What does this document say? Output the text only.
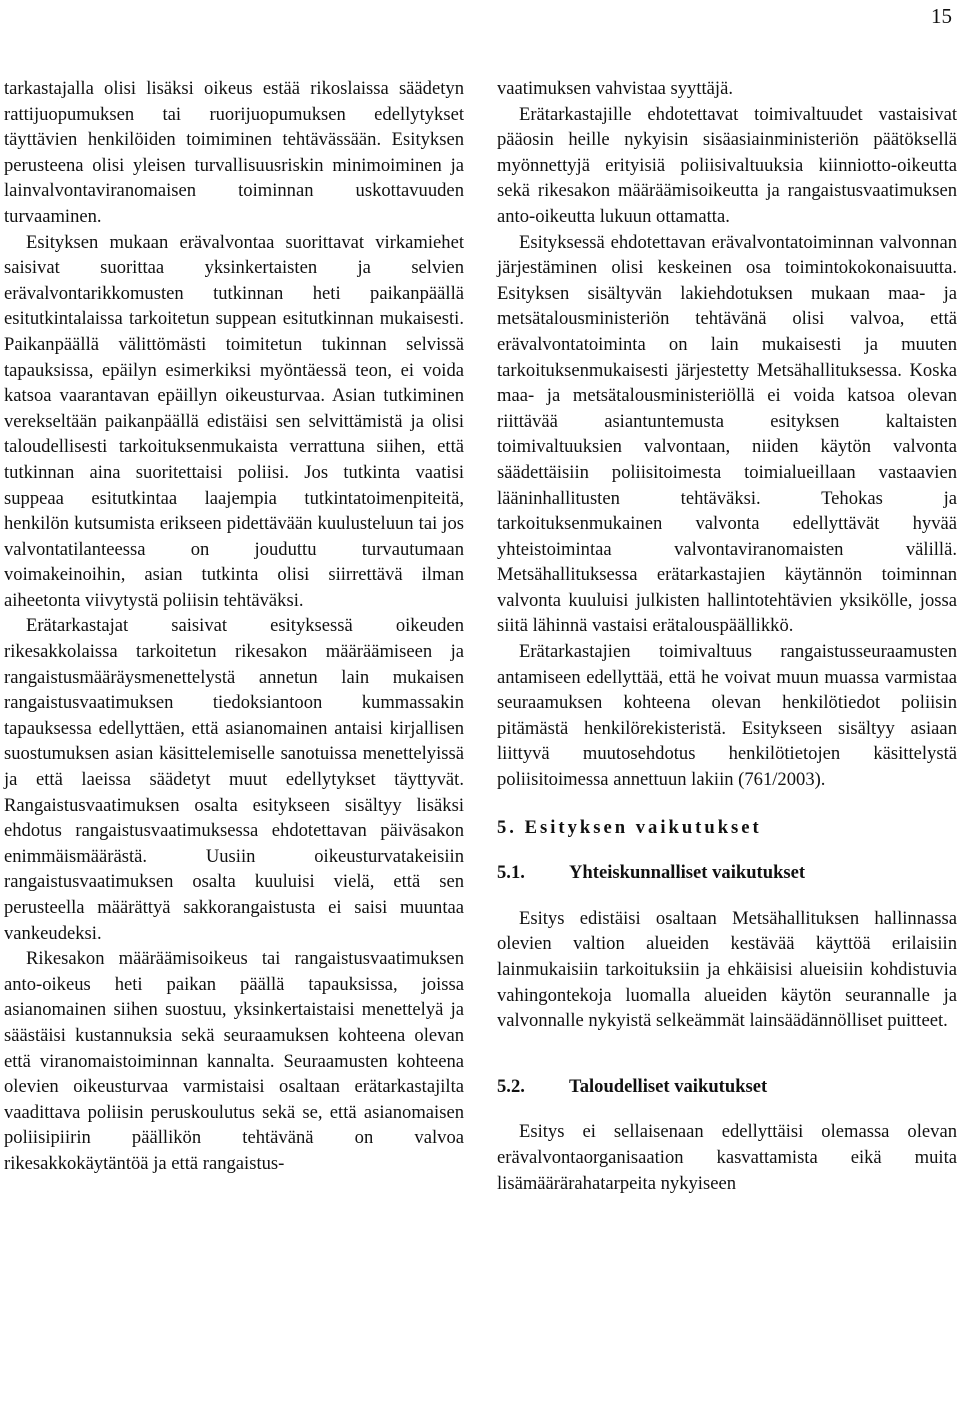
15

tarkastajalla olisi lisäksi oikeus estää rikoslaissa säädetyn rattijuopumuksen tai ruorijuopumuksen edellytykset täyttävien henkilöiden toimiminen tehtävässään. Esityksen perusteena olisi yleisen turvallisuusriskin minimoiminen ja lainvalvontaviranomaisen toiminnan uskottavuuden turvaaminen.

Esityksen mukaan erävalvontaa suorittavat virkamiehet saisivat suorittaa yksinkertaisten ja selvien erävalvontarikkomusten tutkinnan heti paikanpäällä esitutkintalaissa tarkoitetun suppean esitutkinnan mukaisesti. Paikanpäällä välittömästi toimitetun tukinnan selvissä tapauksissa, epäilyn esimerkiksi myöntäessä teon, ei voida katsoa vaarantavan epäillyn oikeusturvaa. Asian tutkiminen verekseltään paikanpäällä edistäisi sen selvittämistä ja olisi taloudellisesti tarkoituksenmukaista verrattuna siihen, että tutkinnan aina suoritettaisi poliisi. Jos tutkinta vaatisi suppeaa esitutkintaa laajempia tutkintatoimenpiteitä, henkilön kutsumista erikseen pidettävään kuulusteluun tai jos valvontatilanteessa on jouduttu turvautumaan voimakeinoihin, asian tutkinta olisi siirrettävä ilman aiheetonta viivytystä poliisin tehtäväksi.

Erätarkastajat saisivat esityksessä oikeuden rikesakkolaissa tarkoitetun rikesakon määräämiseen ja rangaistusmääräysmenettelystä annetun lain mukaisen rangaistusvaatimuksen tiedoksiantoon kummassakin tapauksessa edellyttäen, että asianomainen antaisi kirjallisen suostumuksen asian käsittelemiselle sanotuissa menettelyissä ja että laeissa säädetyt muut edellytykset täyttyvät. Rangaistusvaatimuksen osalta esitykseen sisältyy lisäksi ehdotus rangaistusvaatimuksessa ehdotettavan päiväsakon enimmäismäärästä. Uusiin oikeusturvatakeisiin rangaistusvaatimuksen osalta kuuluisi vielä, että sen perusteella määrättyä sakkorangaistusta ei saisi muuntaa vankeudeksi.

Rikesakon määräämisoikeus tai rangaistusvaatimuksen anto-oikeus heti paikan päällä tapauksissa, joissa asianomainen siihen suostuu, yksinkertaistaisi menettelyä ja säästäisi kustannuksia sekä seuraamuksen kohteena olevan että viranomaistoiminnan kannalta. Seuraamusten kohteena olevien oikeusturvaa varmistaisi osaltaan erätarkastajilta vaadittava poliisin peruskoulutus sekä se, että asianomaisen poliisipiirin päällikön tehtävänä on valvoa rikesakkokäytäntöä ja että rangaistus-

vaatimuksen vahvistaa syyttäjä.

Erätarkastajille ehdotettavat toimivaltuudet vastaisivat pääosin heille nykyisin sisäasiainministeriön päätöksellä myönnettyjä erityisiä poliisivaltuuksia kiinniotto-oikeutta sekä rikesakon määräämisoikeutta ja rangaistusvaatimuksen anto-oikeutta lukuun ottamatta.

Esityksessä ehdotettavan erävalvontatoiminnan valvonnan järjestäminen olisi keskeinen osa toimintokokonaisuutta. Esityksen sisältyvän lakiehdotuksen mukaan maa- ja metsätalousministeriön tehtävänä olisi valvoa, että erävalvontatoiminta on lain mukaisesti ja muuten tarkoituksenmukaisesti järjestetty Metsähallituksessa. Koska maa- ja metsätalousministeriöllä ei voida katsoa olevan riittävää asiantuntemusta esityksen kaltaisten toimivaltuuksien valvontaan, niiden käytön valvonta säädettäisiin poliisitoimesta toimialueillaan vastaavien lääninhallitusten tehtäväksi. Tehokas ja tarkoituksenmukainen valvonta edellyttävät hyvää yhteistoimintaa valvontaviranomaisten välillä. Metsähallituksessa erätarkastajien käytännön toiminnan valvonta kuuluisi julkisten hallintotehtävien yksikölle, jossa siitä lähinnä vastaisi erätalouspäällikkö.

Erätarkastajien toimivaltuus rangaistusseuraamusten antamiseen edellyttää, että he voivat muun muassa varmistaa seuraamuksen kohteena olevan henkilötiedot poliisin pitämästä henkilörekisteristä. Esitykseen sisältyy asiaan liittyvä muutosehdotus henkilötietojen käsittelystä poliisitoimessa annettuun lakiin (761/2003).

5. Esityksen vaikutukset
5.1. Yhteiskunnalliset vaikutukset

Esitys edistäisi osaltaan Metsähallituksen hallinnassa olevien valtion alueiden kestävää käyttöä erilaisiin lainmukaisiin tarkoituksiin ja ehkäisisi alueisiin kohdistuvia vahingontekoja luomalla alueiden käytön seurannalle ja valvonnalle nykyistä selkeämmät lainsäädännölliset puitteet.

5.2. Taloudelliset vaikutukset

Esitys ei sellaisenaan edellyttäisi olemassa olevan erävalvontaorganisaation kasvattamista eikä muita lisämäärärahatarpeita nykyiseen
